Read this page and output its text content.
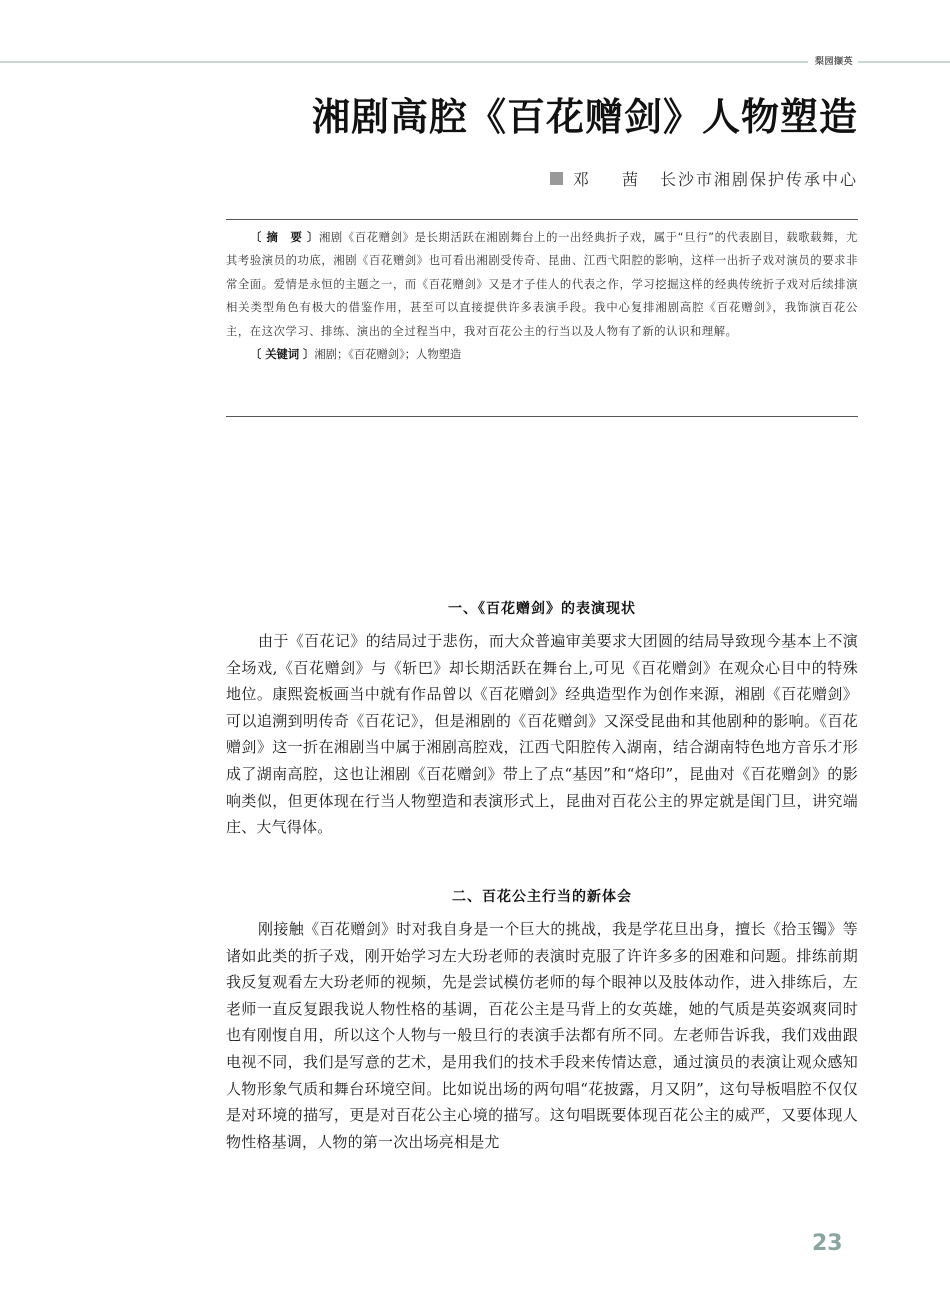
梨园撷英
湘剧高腔《百花赠剑》人物塑造
邓 茜 长沙市湘剧保护传承中心

〔 摘　要 〕湘剧《百花赠剑》是长期活跃在湘剧舞台上的一出经典折子戏，属于“旦行”的代表剧目，载歌载舞，尤其考验演员的功底，湘剧《百花赠剑》也可看出湘剧受传奇、昆曲、江西弋阳腔的影响，这样一出折子戏对演员的要求非常全面。爱情是永恒的主题之一，而《百花赠剑》又是才子佳人的代表之作，学习挖掘这样的经典传统折子戏对后续排演相关类型角色有极大的借鉴作用，甚至可以直接提供许多表演手段。我中心复排湘剧高腔《百花赠剑》，我饰演百花公主，在这次学习、排练、演出的全过程当中，我对百花公主的行当以及人物有了新的认识和理解。

〔 关键词 〕湘剧；《百花赠剑》；人物塑造

一、《百花赠剑》的表演现状

由于《百花记》的结局过于悲伤，而大众普遍审美要求大团圆的结局导致现今基本上不演全场戏,《百花赠剑》与《斩巴》却长期活跃在舞台上,可见《百花赠剑》在观众心目中的特殊地位。康熙瓷板画当中就有作品曾以《百花赠剑》经典造型作为创作来源，湘剧《百花赠剑》可以追溯到明传奇《百花记》，但是湘剧的《百花赠剑》又深受昆曲和其他剧种的影响。《百花赠剑》这一折在湘剧当中属于湘剧高腔戏，江西弋阳腔传入湖南，结合湖南特色地方音乐才形成了湖南高腔，这也让湘剧《百花赠剑》带上了点“基因”和“烙印”，昆曲对《百花赠剑》的影响类似，但更体现在行当人物塑造和表演形式上，昆曲对百花公主的界定就是闺门旦，讲究端庄、大气得体。

二、百花公主行当的新体会

刚接触《百花赠剑》时对我自身是一个巨大的挑战，我是学花旦出身，擅长《拾玉镯》等诸如此类的折子戏，刚开始学习左大玢老师的表演时克服了许许多多的困难和问题。排练前期我反复观看左大玢老师的视频，先是尝试模仿老师的每个眼神以及肢体动作，进入排练后，左老师一直反复跟我说人物性格的基调，百花公主是马背上的女英雄，她的气质是英姿飒爽同时也有刚愎自用，所以这个人物与一般旦行的表演手法都有所不同。左老师告诉我，我们戏曲跟电视不同，我们是写意的艺术，是用我们的技术手段来传情达意，通过演员的表演让观众感知人物形象气质和舞台环境空间。比如说出场的两句唱“花披露，月又阴”，这句导板唱腔不仅仅是对环境的描写，更是对百花公主心境的描写。这句唱既要体现百花公主的威严，又要体现人物性格基调，人物的第一次出场亮相是尤

23
